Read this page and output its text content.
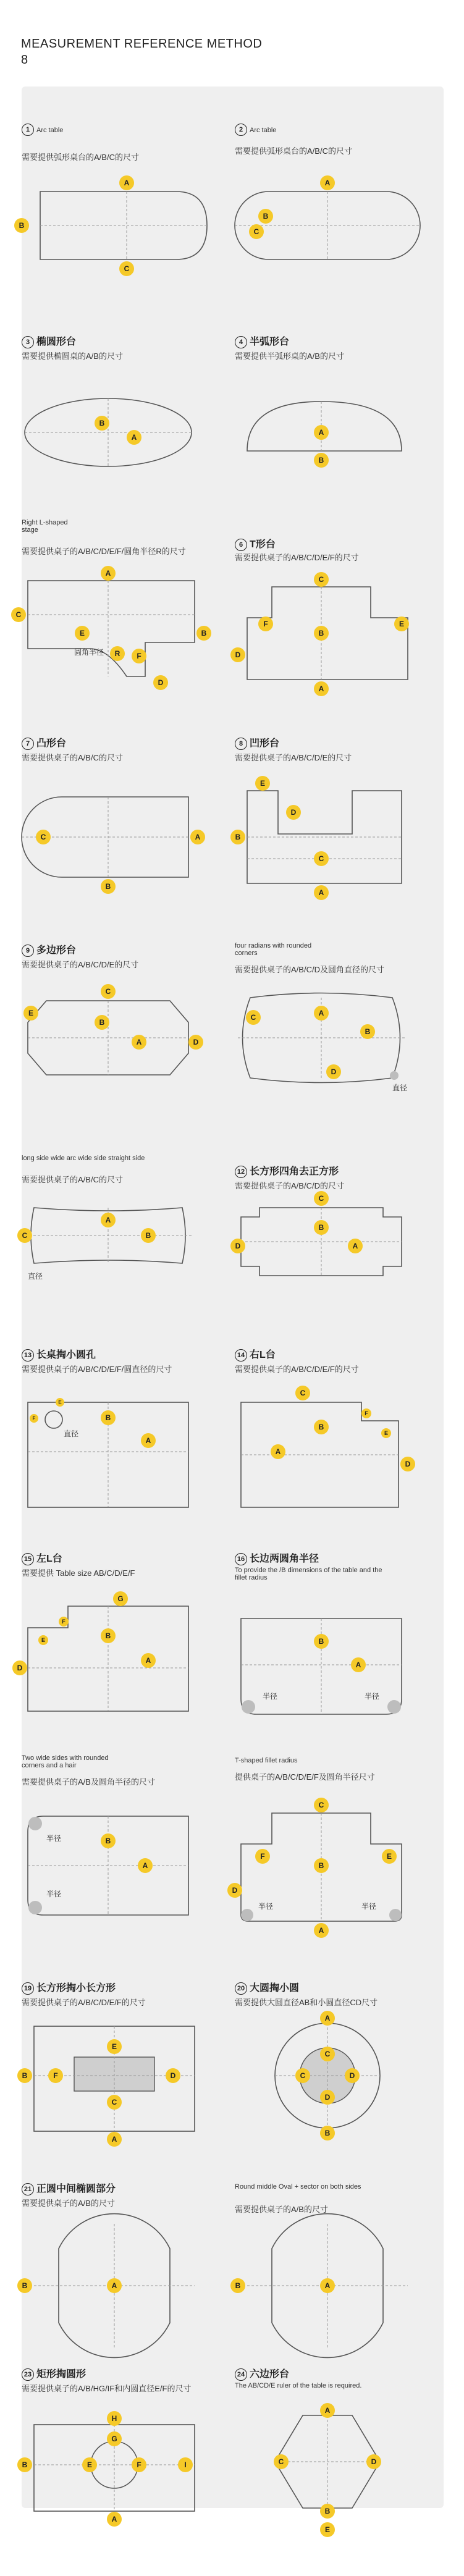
MEASUREMENT REFERENCE METHOD
8
1 Arc table
需要提供弧形桌台的A/B/C的尺寸
A
B
C
2 Arc table
需要提供弧形桌台的A/B/C的尺寸
A
B
C
3 椭圆形台
需要提供椭圆桌的A/B的尺寸
B
A
4 半弧形台
需要提供半弧形桌的A/B的尺寸
A
B
Right L-shaped stage
需要提供桌子的A/B/C/D/E/F/圆角半径R的尺寸
A
C
B
E
R F
D
圆角半径
6 T形台
需要提供桌子的A/B/C/D/E/F的尺寸
C
F
B
E
D
A
7 凸形台
需要提供桌子的A/B/C的尺寸
C	A
B
8 凹形台
需要提供桌子的A/B/C/D/E的尺寸
E
D
B
C
A
9 多边形台
需要提供桌子的A/B/C/D/E的尺寸
C
E
B
A	D
four radians with rounded corners
需要提供桌子的A/B/C/D及圆角直径的尺寸
A
C
B
D
直径
long side wide arc wide side straight side
需要提供桌子的A/B/C的尺寸
A
C	B
直径
12 长方形四角去正方形
需要提供桌子的A/B/C/D的尺寸
C
B
D	A
13 长桌掏小圆孔
需要提供桌子的A/B/C/D/E/F/圆直径的尺寸
E
F	B
A
直径
14 右L台
需要提供桌子的A/B/C/D/E/F的尺寸
C
F
B
E
A
D
15 左L台
需要提供 Table size AB/C/D/E/F
G
F
E	B
A
D
16 长边两圆角半径
To provide the /B dimensions of the table and the fillet radius
B
A
半径	半径
Two wide sides with rounded corners and a hair
需要提供桌子的A/B及圆角半径的尺寸
B
A
半径
半径
T-shaped fillet radius
提供桌子的A/B/C/D/E/F及圆角半径尺寸
C
F
B
E
D
A
半径	半径
19 长方形掏小长方形
需要提供桌子的A/B/C/D/E/F的尺寸
E
B	F	D
C
A
20 大圆掏小圆
需要提供大圆直径AB和小圆直径CD尺寸
A
C
C	D
D
B
21 正圆中间椭圆部分
需要提供桌子的A/B的尺寸
B	A
Round middle Oval + sector on both sides
需要提供桌子的A/B的尺寸
B	A
23 矩形掏圆形
需要提供桌子的A/B/HG/IF和内圆直径E/F的尺寸
H
G
B	E	F	I
A
24 六边形台
The AB/CD/E ruler of the table is required.
A
C	D
B
E
